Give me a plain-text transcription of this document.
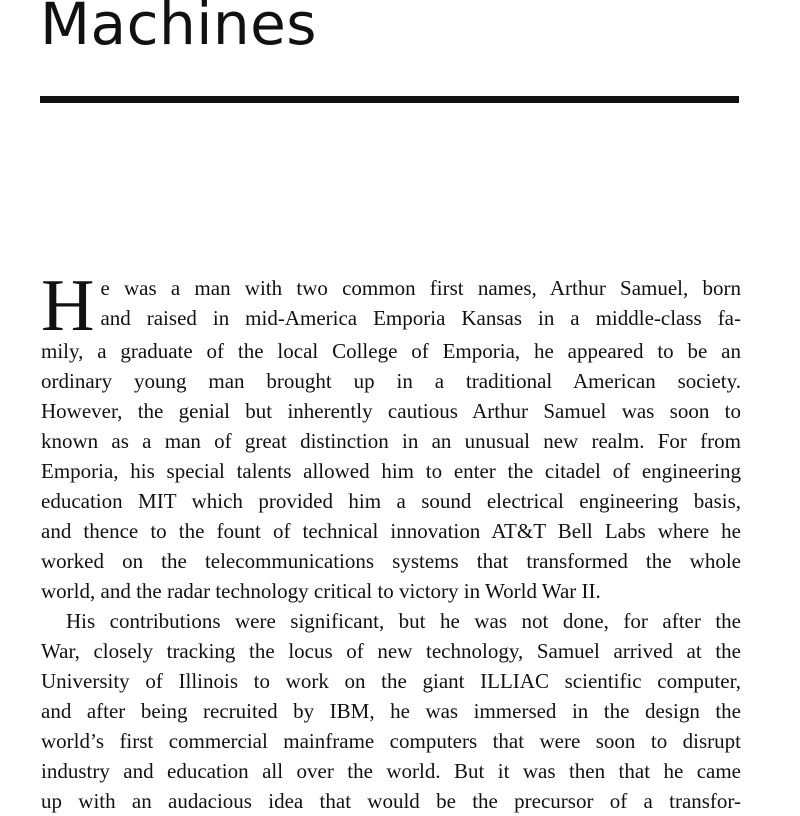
Machines

H e was a man with two common first names, Arthur Samuel, born
and raised in mid-America Emporia Kansas in a middle-class fa-
mily, a graduate of the local College of Emporia, he appeared to be an
ordinary young man brought up in a traditional American society.
However, the genial but inherently cautious Arthur Samuel was soon to
known as a man of great distinction in an unusual new realm. For from
Emporia, his special talents allowed him to enter the citadel of engineering
education MIT which provided him a sound electrical engineering basis,
and thence to the fount of technical innovation AT&T Bell Labs where he
worked on the telecommunications systems that transformed the whole
world, and the radar technology critical to victory in World War II.

His contributions were significant, but he was not done, for after the
War, closely tracking the locus of new technology, Samuel arrived at the
University of Illinois to work on the giant ILLIAC scientific computer,
and after being recruited by IBM, he was immersed in the design the
world’s first commercial mainframe computers that were soon to disrupt
industry and education all over the world. But it was then that he came
up with an audacious idea that would be the precursor of a transfor-
